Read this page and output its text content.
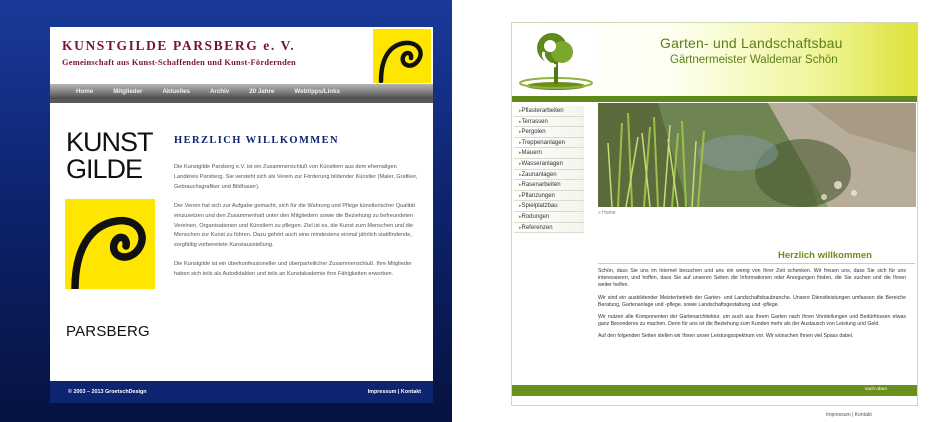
KUNSTGILDE PARSBERG e. V.
Gemeinschaft aus Kunst-Schaffenden und Kunst-Fördernden
Home	Mitglieder	Aktuelles	Archiv	20 Jahre	Webtipps/Links
KUNST
GILDE
PARSBERG
HERZLICH WILLKOMMEN

Die Kunstgilde Parsberg e.V. ist ein Zusammenschluß von Künstlern aus dem ehemaligen Landkreis Parsberg. Sie versteht sich als Verein zur Förderung bildender Künstler (Maler, Grafiker, Gebrauchsgrafiker und Bildhauer).

Der Verein hat sich zur Aufgabe gemacht, sich für die Wahrung und Pflege künstlerischer Qualität einzusetzen und den Zusammenhalt unter den Mitgliedern sowie die Beziehung zu befreundeten Vereinen, Organisationen und Künstlern zu pflegen. Ziel ist es, die Kunst zum Menschen und die Menschen zur Kunst zu führen. Dazu gehört auch eine mindestens einmal jährlich stattfindende, sorgfältig vorbereitete Kunstausstellung.

Die Kunstgilde ist ein überkonfessioneller und überparteilicher Zusammenschluß. Ihre Mitglieder haben sich teils als Autodidakten und teils an Kunstakademie ihre Fähigkeiten erworben.

© 2003 – 2013 GroetschDesign	Impressum | Kontakt
Garten- und Landschaftsbau
Gärtnermeister Waldemar Schön
▸ Pflasterarbeiten
▸ Terrassen
▸ Pergolen
▸ Treppenanlagen
▸ Mauern
▸ Wasseranlagen
▸ Zaunanlagen
▸ Rasenarbeiten
▸ Pflanzungen
▸ Spielplatzbau
▸ Rodungen
▸ Referenzen
» Home
Herzlich willkommen

Schön, dass Sie uns im Internet besuchen und uns ein wenig von Ihrer Zeit schenken. Wir freuen uns, dass Sie sich für uns interessieren, und hoffen, dass Sie auf unseren Seiten die Informationen oder Anregungen finden, die Sie suchen und die Ihnen weiter helfen.

Wir sind ein ausbildender Meisterbetrieb der Garten- und Landschaftsbaubranche. Unsere Dienstleistungen umfassen die Bereiche Beratung, Gartenanlage und -pflege, sowie Landschaftsgestaltung und -pflege.

Wir nutzen alle Komponenten der Gartenarchitektur, um auch aus Ihrem Garten nach Ihren Vorstellungen und Bedürfnissen etwas ganz Besonderes zu machen. Denn für uns ist die Beziehung zum Kunden mehr als der Austausch von Leistung und Geld.

Auf den folgenden Seiten stellen wir Ihnen unser Leistungsspektrum vor. Wir wünschen Ihnen viel Spass dabei.

nach oben
Impressum | Kontakt
